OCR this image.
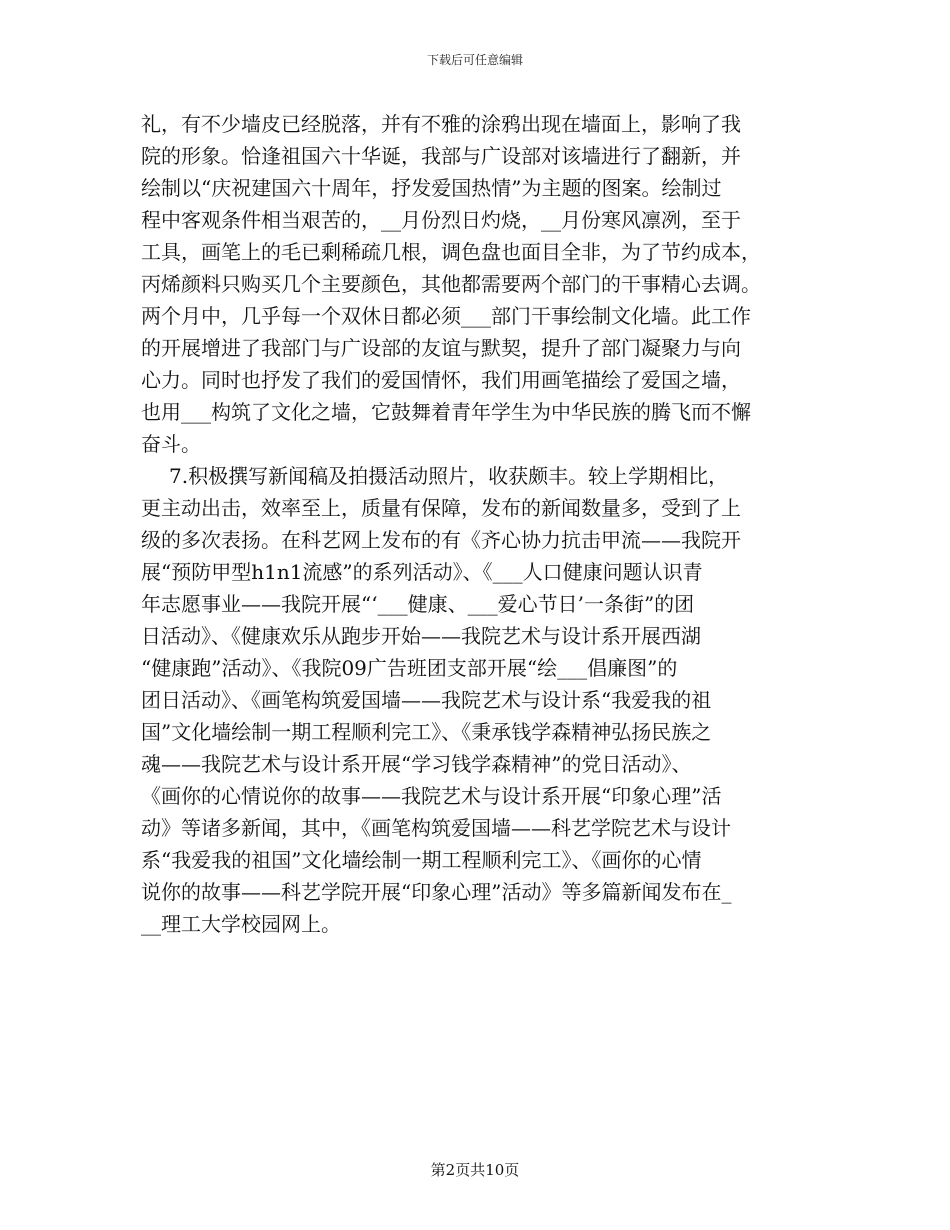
下载后可任意编辑
礼，有不少墙皮已经脱落，并有不雅的涂鸦出现在墙面上，影响了我
院的形象。恰逢祖国六十华诞，我部与广设部对该墙进行了翻新，并
绘制以“庆祝建国六十周年，抒发爱国热情”为主题的图案。绘制过
程中客观条件相当艰苦的，__月份烈日灼烧，__月份寒风凛冽，至于
工具，画笔上的毛已剩稀疏几根，调色盘也面目全非，为了节约成本，
丙烯颜料只购买几个主要颜色，其他都需要两个部门的干事精心去调。
两个月中，几乎每一个双休日都必须___部门干事绘制文化墙。此工作
的开展增进了我部门与广设部的友谊与默契，提升了部门凝聚力与向
心力。同时也抒发了我们的爱国情怀，我们用画笔描绘了爱国之墙，
也用___构筑了文化之墙，它鼓舞着青年学生为中华民族的腾飞而不懈
奋斗。
7.积极撰写新闻稿及拍摄活动照片，收获颇丰。较上学期相比，
更主动出击，效率至上，质量有保障，发布的新闻数量多，受到了上
级的多次表扬。在科艺网上发布的有《齐心协力抗击甲流——我院开
展“预防甲型h1n1流感”的系列活动》、《___人口健康问题认识青
年志愿事业——我院开展“‘___健康、___爱心节日’一条街”的团
日活动》、《健康欢乐从跑步开始——我院艺术与设计系开展西湖
“健康跑”活动》、《我院09广告班团支部开展“绘___倡廉图”的
团日活动》、《画笔构筑爱国墙——我院艺术与设计系“我爱我的祖
国”文化墙绘制一期工程顺利完工》、《秉承钱学森精神弘扬民族之
魂——我院艺术与设计系开展“学习钱学森精神”的党日活动》、
《画你的心情说你的故事——我院艺术与设计系开展“印象心理”活
动》等诸多新闻，其中，《画笔构筑爱国墙——科艺学院艺术与设计
系“我爱我的祖国”文化墙绘制一期工程顺利完工》、《画你的心情
说你的故事——科艺学院开展“印象心理”活动》等多篇新闻发布在_
__理工大学校园网上。
第2页共10页
